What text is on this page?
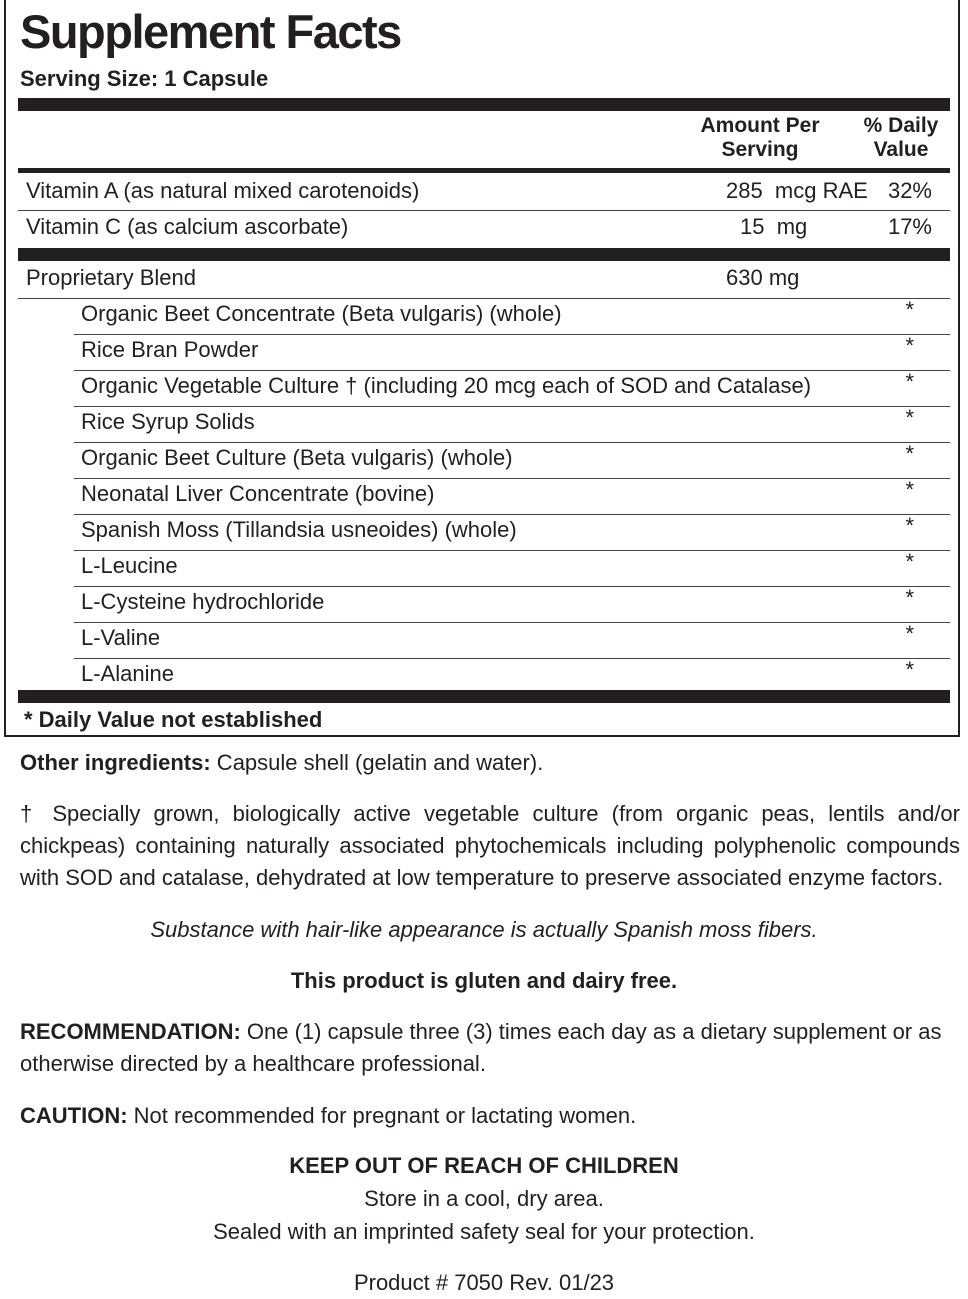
Supplement Facts
Serving Size: 1 Capsule
Amount Per
Serving
% Daily
Value
Vitamin A (as natural mixed carotenoids)	285  mcg RAE 32%
Vitamin C (as calcium ascorbate)	15  mg	17%
Proprietary Blend	630 mg
Organic Beet Concentrate (Beta vulgaris) (whole)	*
Rice Bran Powder	*
Organic Vegetable Culture † (including 20 mcg each of SOD and Catalase)	*
Rice Syrup Solids	*
Organic Beet Culture (Beta vulgaris) (whole)	*
Neonatal Liver Concentrate (bovine)	*
Spanish Moss (Tillandsia usneoides) (whole)	*
L-Leucine	*
L-Cysteine hydrochloride	*
L-Valine	*
L-Alanine	*
* Daily Value not established
Other ingredients: Capsule shell (gelatin and water).
† Specially grown, biologically active vegetable culture (from organic peas, lentils and/or chickpeas) containing naturally associated phytochemicals including polyphenolic compounds with SOD and catalase, dehydrated at low temperature to preserve associated enzyme factors.
Substance with hair-like appearance is actually Spanish moss fibers.
This product is gluten and dairy free.
RECOMMENDATION: One (1) capsule three (3) times each day as a dietary supplement or as otherwise directed by a healthcare professional.
CAUTION: Not recommended for pregnant or lactating women.
KEEP OUT OF REACH OF CHILDREN
Store in a cool, dry area.
Sealed with an imprinted safety seal for your protection.
Product # 7050 Rev. 01/23
